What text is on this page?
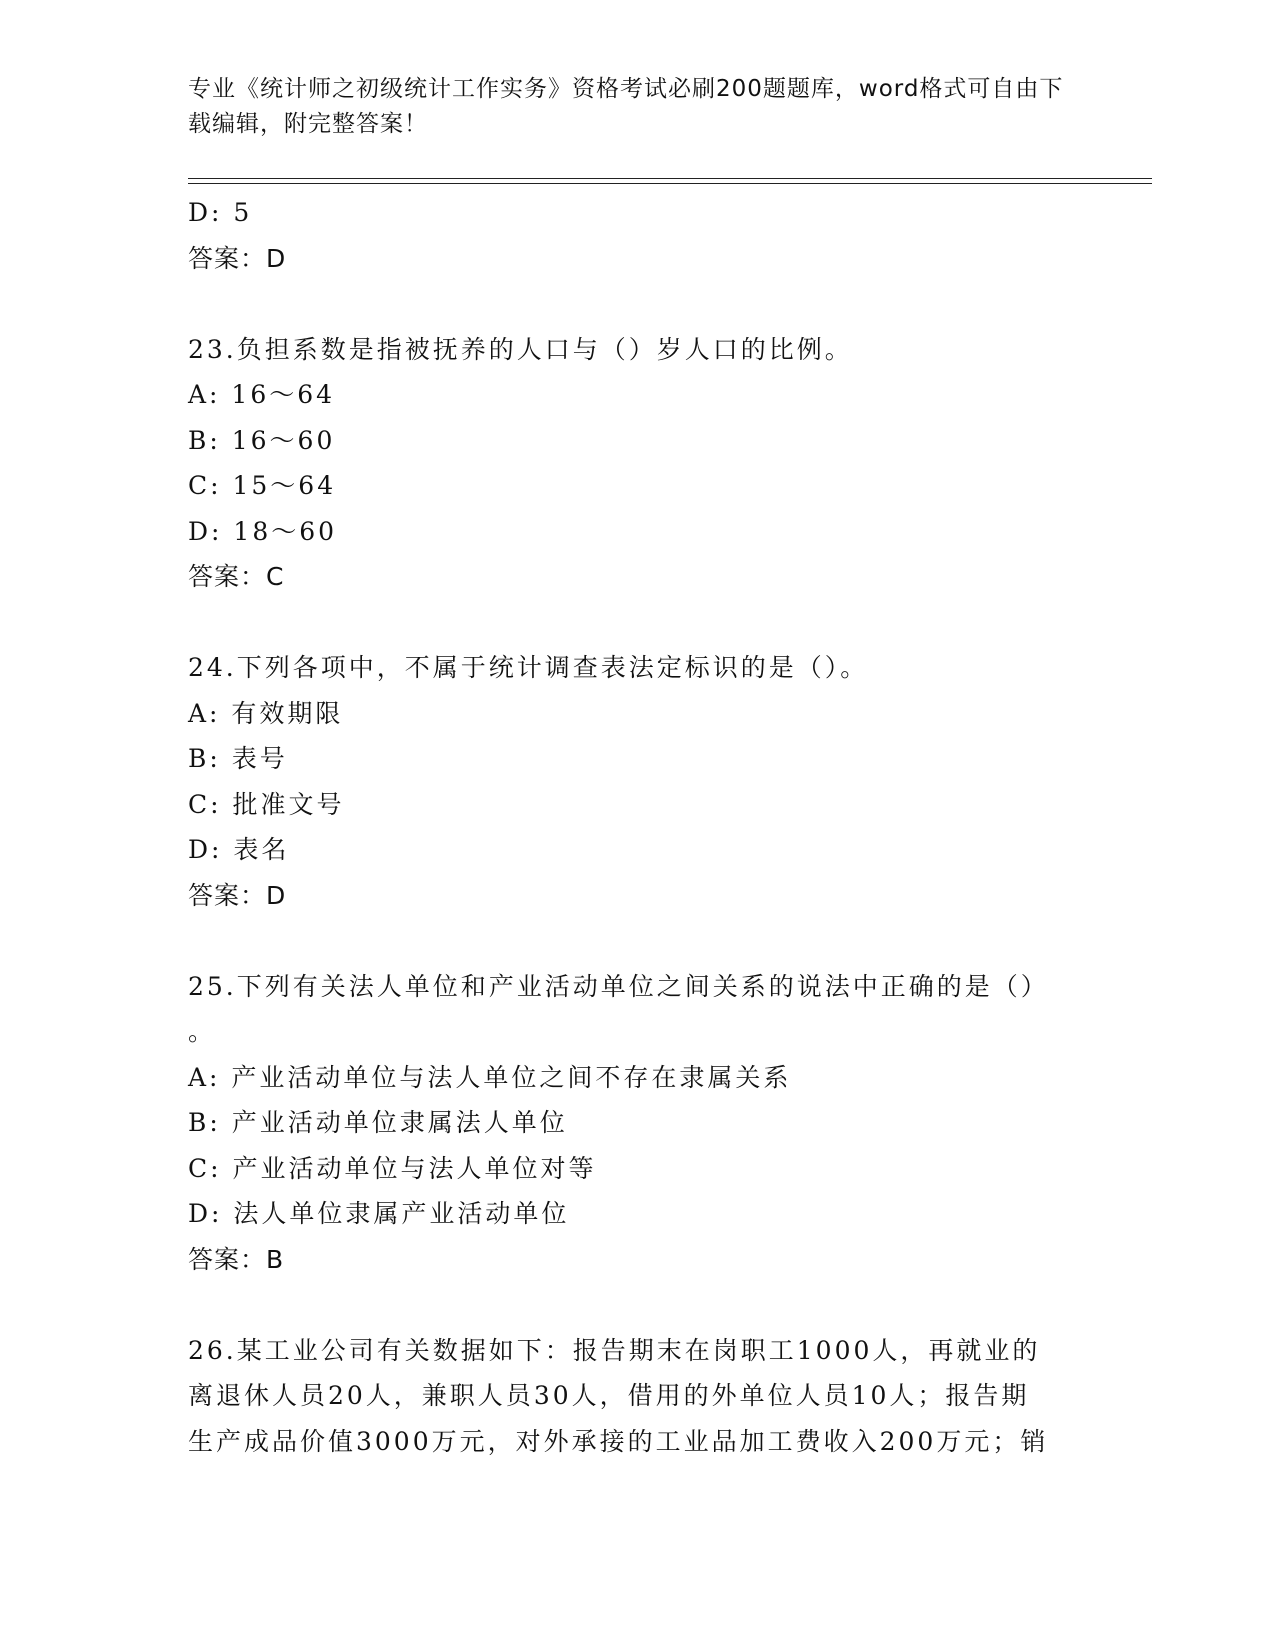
专业《统计师之初级统计工作实务》资格考试必刷200题题库，word格式可自由下载编辑，附完整答案！
D: 5
答案：D
23.负担系数是指被抚养的人口与（）岁人口的比例。
A: 16～64
B: 16～60
C: 15～64
D: 18～60
答案：C
24.下列各项中，不属于统计调查表法定标识的是（）。
A: 有效期限
B: 表号
C: 批准文号
D: 表名
答案：D
25.下列有关法人单位和产业活动单位之间关系的说法中正确的是（）
。
A: 产业活动单位与法人单位之间不存在隶属关系
B: 产业活动单位隶属法人单位
C: 产业活动单位与法人单位对等
D: 法人单位隶属产业活动单位
答案：B
26.某工业公司有关数据如下：报告期末在岗职工1000人，再就业的
离退休人员20人，兼职人员30人，借用的外单位人员10人；报告期
生产成品价值3000万元，对外承接的工业品加工费收入200万元；销
